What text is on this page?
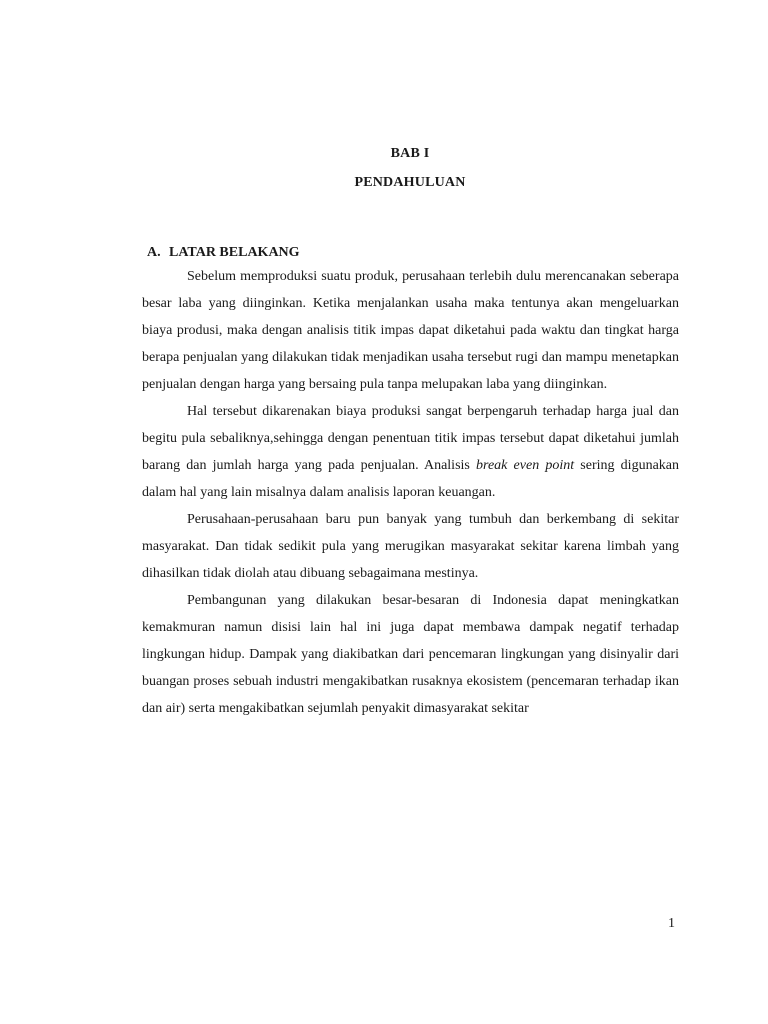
BAB I
PENDAHULUAN
A. LATAR BELAKANG

Sebelum memproduksi suatu produk, perusahaan terlebih dulu merencanakan seberapa besar laba yang diinginkan. Ketika menjalankan usaha maka tentunya akan mengeluarkan biaya produsi, maka dengan analisis titik impas dapat diketahui pada waktu dan tingkat harga berapa penjualan yang dilakukan tidak menjadikan usaha tersebut rugi dan mampu menetapkan penjualan dengan harga yang bersaing pula tanpa melupakan laba yang diinginkan.

Hal tersebut dikarenakan biaya produksi sangat berpengaruh terhadap harga jual dan begitu pula sebaliknya,sehingga dengan penentuan titik impas tersebut dapat diketahui jumlah barang dan jumlah harga yang pada penjualan. Analisis break even point sering digunakan dalam hal yang lain misalnya dalam analisis laporan keuangan.

Perusahaan-perusahaan baru pun banyak yang tumbuh dan berkembang di sekitar masyarakat. Dan tidak sedikit pula yang merugikan masyarakat sekitar karena limbah yang dihasilkan tidak diolah atau dibuang sebagaimana mestinya.

Pembangunan yang dilakukan besar-besaran di Indonesia dapat meningkatkan kemakmuran namun disisi lain hal ini juga dapat membawa dampak negatif terhadap lingkungan hidup. Dampak yang diakibatkan dari pencemaran lingkungan yang disinyalir dari buangan proses sebuah industri mengakibatkan rusaknya ekosistem (pencemaran terhadap ikan dan air) serta mengakibatkan sejumlah penyakit dimasyarakat sekitar

1
